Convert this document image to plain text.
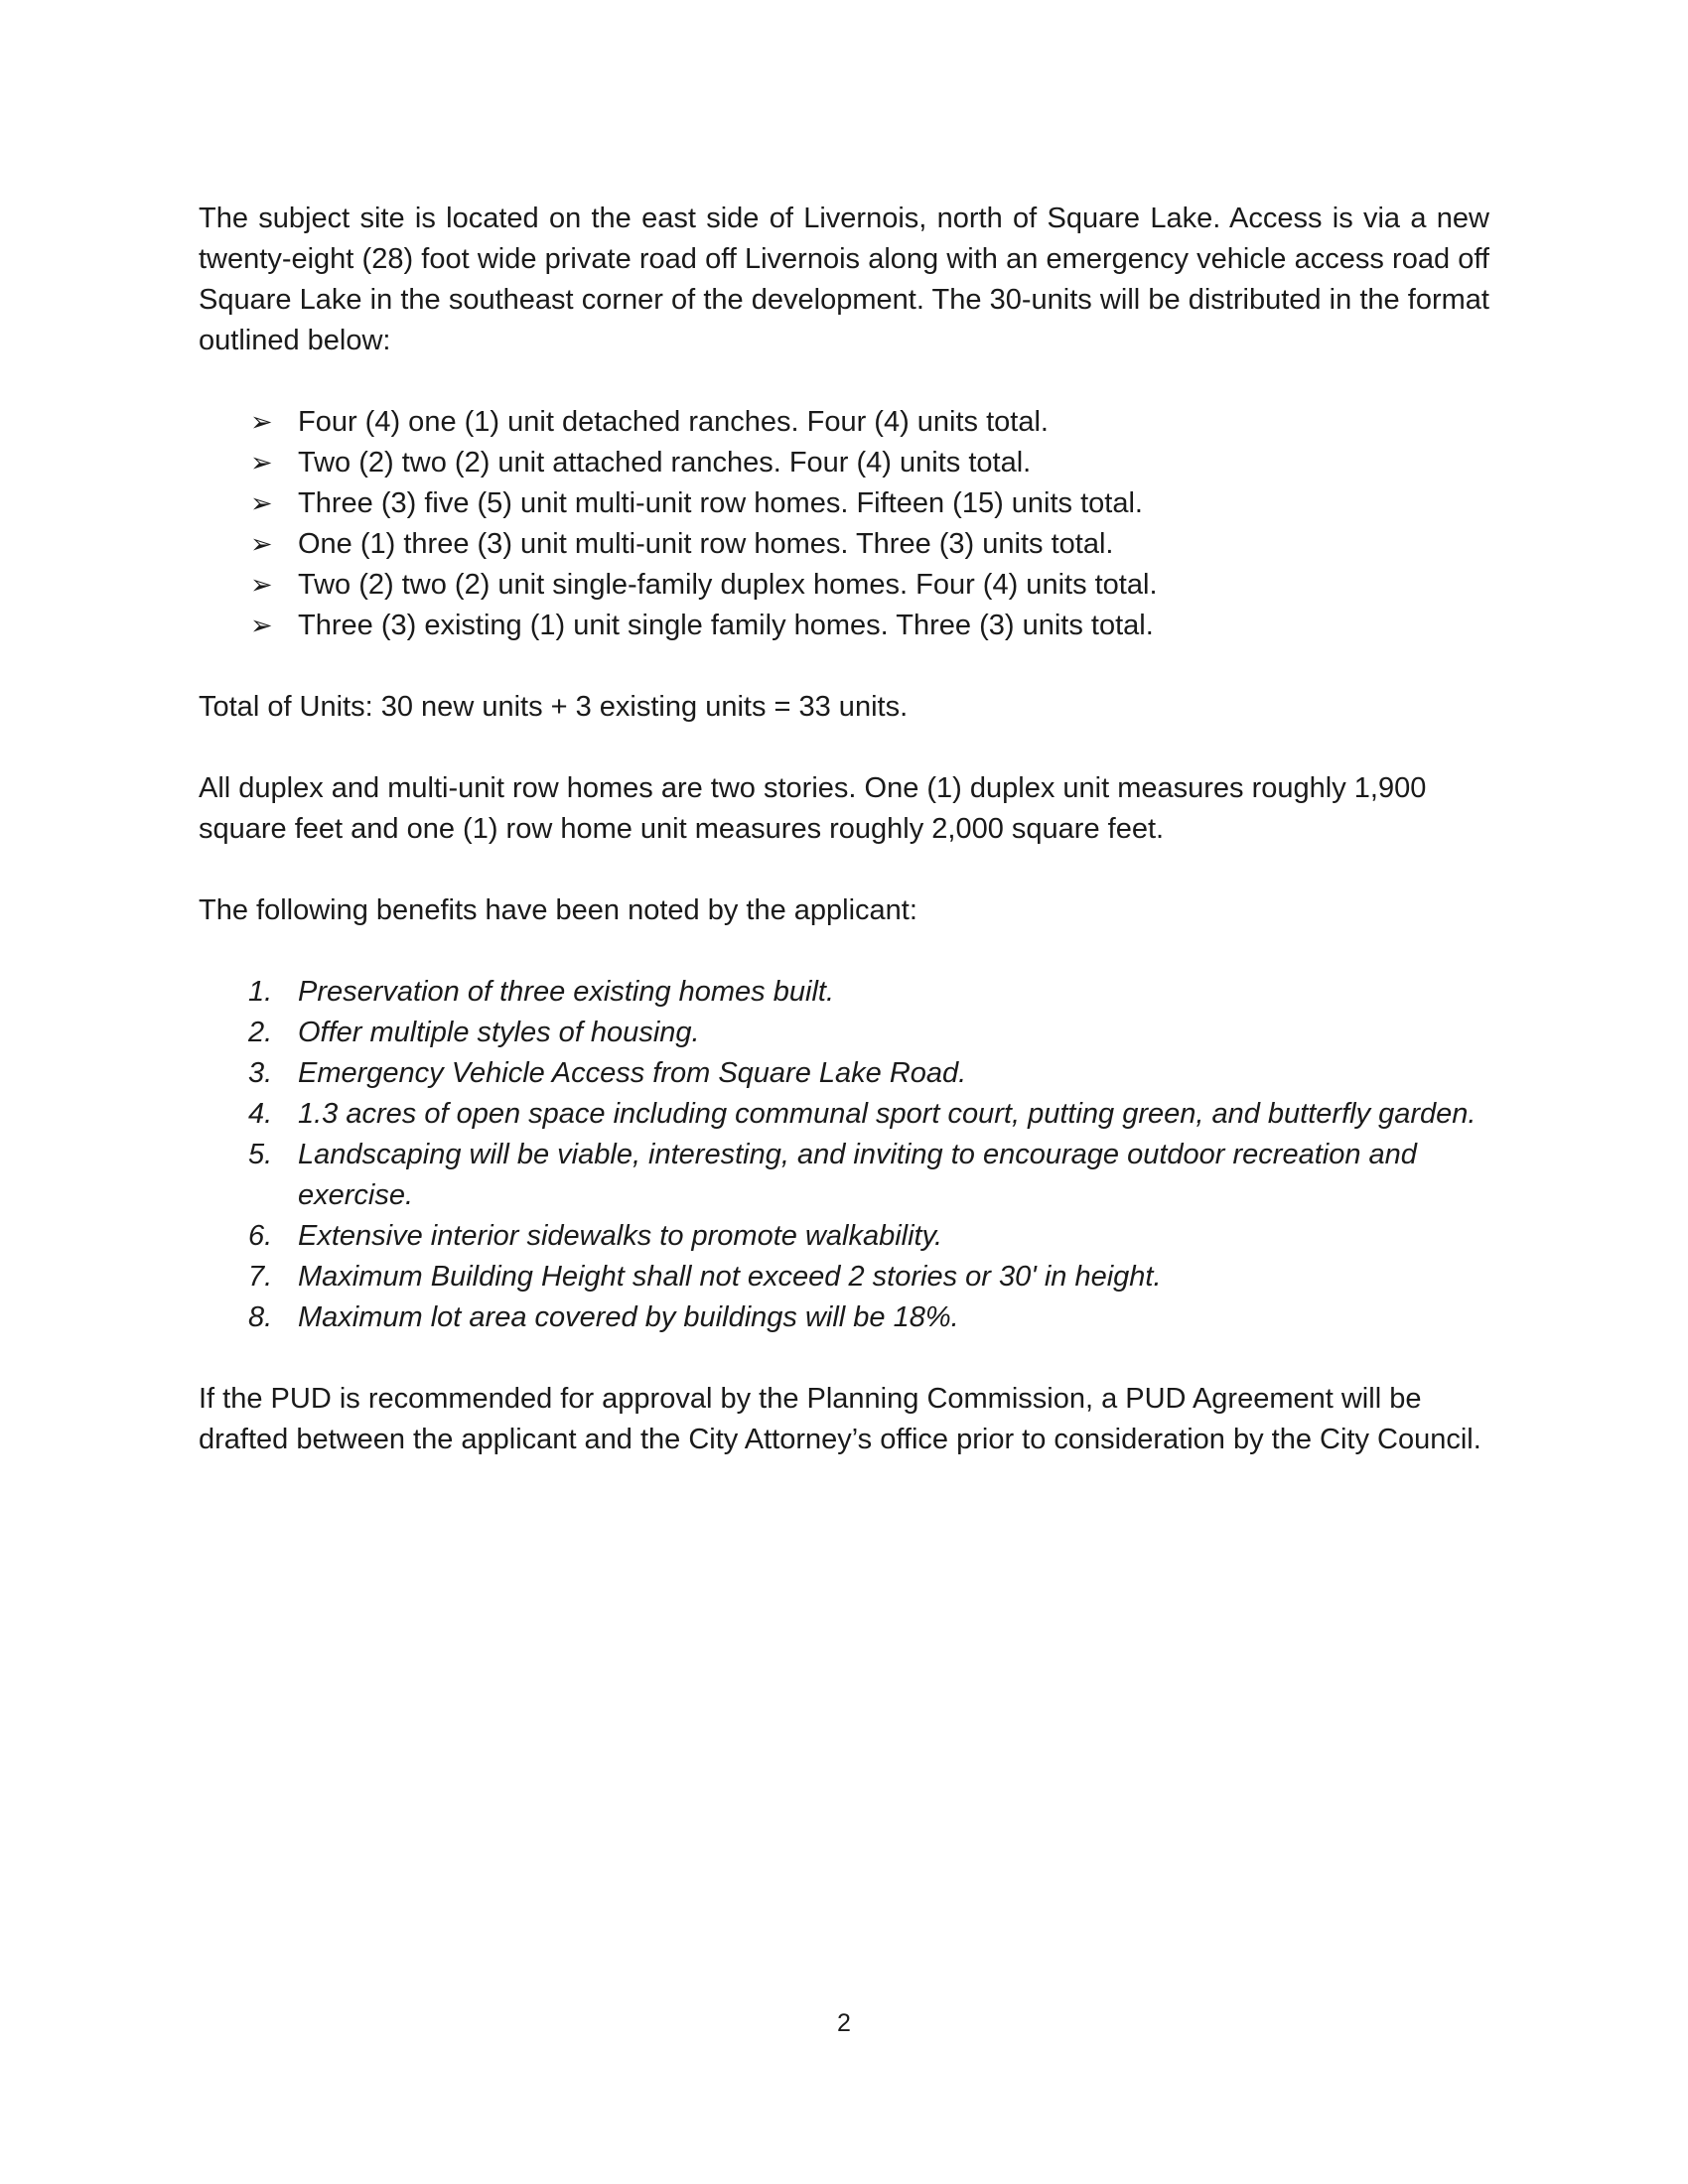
The subject site is located on the east side of Livernois, north of Square Lake. Access is via a new twenty-eight (28) foot wide private road off Livernois along with an emergency vehicle access road off Square Lake in the southeast corner of the development. The 30-units will be distributed in the format outlined below:

➢ Four (4) one (1) unit detached ranches. Four (4) units total.
➢ Two (2) two (2) unit attached ranches. Four (4) units total.
➢ Three (3) five (5) unit multi-unit row homes. Fifteen (15) units total.
➢ One (1) three (3) unit multi-unit row homes. Three (3) units total.
➢ Two (2) two (2) unit single-family duplex homes. Four (4) units total.
➢ Three (3) existing (1) unit single family homes. Three (3) units total.

Total of Units: 30 new units + 3 existing units = 33 units.

All duplex and multi-unit row homes are two stories. One (1) duplex unit measures roughly 1,900 square feet and one (1) row home unit measures roughly 2,000 square feet.

The following benefits have been noted by the applicant:

1. Preservation of three existing homes built.
2. Offer multiple styles of housing.
3. Emergency Vehicle Access from Square Lake Road.
4. 1.3 acres of open space including communal sport court, putting green, and butterfly garden.
5. Landscaping will be viable, interesting, and inviting to encourage outdoor recreation and exercise.
6. Extensive interior sidewalks to promote walkability.
7. Maximum Building Height shall not exceed 2 stories or 30' in height.
8. Maximum lot area covered by buildings will be 18%.

If the PUD is recommended for approval by the Planning Commission, a PUD Agreement will be drafted between the applicant and the City Attorney’s office prior to consideration by the City Council.

2
